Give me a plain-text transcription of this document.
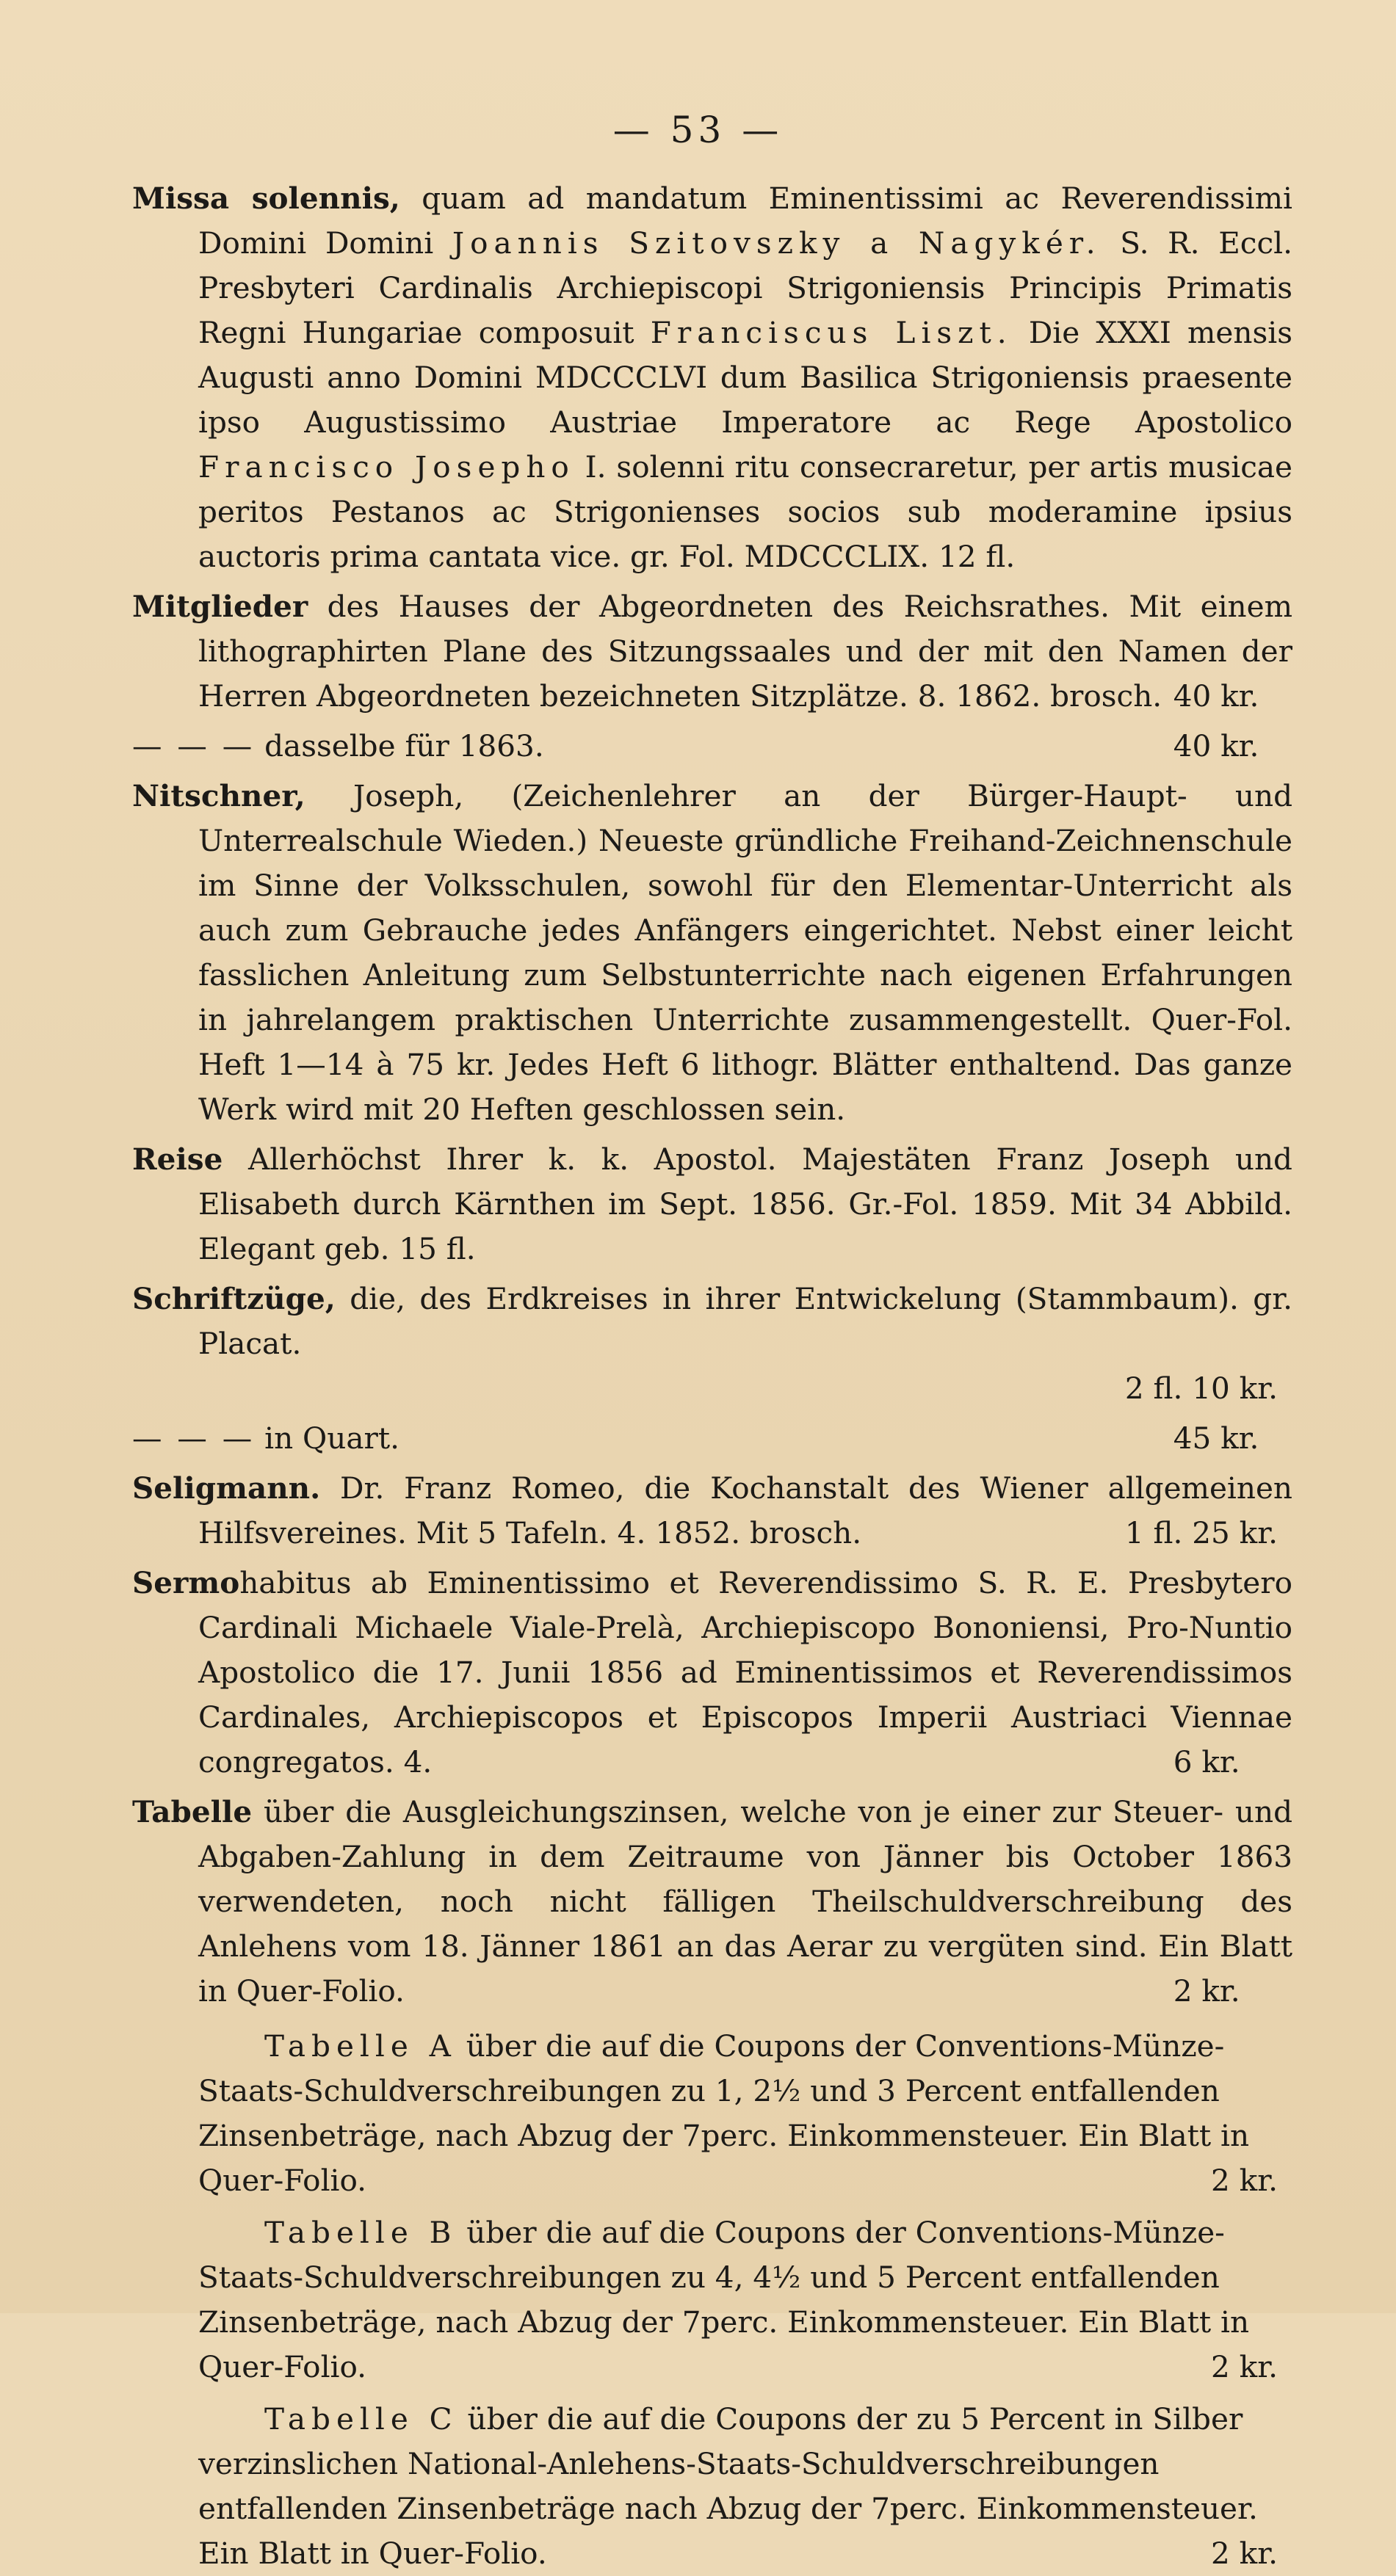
— 53 —

Missa solennis, quam ad mandatum Eminentissimi ac Reverendissimi Domini Domini Joannis Szitovszky a Nagykér. S. R. Eccl. Presbyteri Cardinalis Archiepiscopi Strigoniensis Principis Primatis Regni Hungariae composuit Franciscus Liszt. Die XXXI mensis Augusti anno Domini MDCCCLVI dum Basilica Strigoniensis praesente ipso Augustissimo Austriae Imperatore ac Rege Apostolico Francisco Josepho I. solenni ritu consecraretur, per artis musicae peritos Pestanos ac Strigonienses socios sub moderamine ipsius auctoris prima cantata vice. gr. Fol. MDCCCLIX. 12 fl.

Mitglieder des Hauses der Abgeordneten des Reichsrathes. Mit einem lithographirten Plane des Sitzungssaales und der mit den Namen der Herren Abgeordneten bezeichneten Sitzplätze. 8. 1862. brosch. 40 kr.

— — — dasselbe für 1863.	40 kr.

Nitschner, Joseph, (Zeichenlehrer an der Bürger-Haupt- und Unterrealschule Wieden.) Neueste gründliche Freihand-Zeichnenschule im Sinne der Volksschulen, sowohl für den Elementar-Unterricht als auch zum Gebrauche jedes Anfängers eingerichtet. Nebst einer leicht fasslichen Anleitung zum Selbstunterrichte nach eigenen Erfahrungen in jahrelangem praktischen Unterrichte zusammengestellt. Quer-Fol. Heft 1—14 à 75 kr. Jedes Heft 6 lithogr. Blätter enthaltend. Das ganze Werk wird mit 20 Heften geschlossen sein.

Reise Allerhöchst Ihrer k. k. Apostol. Majestäten Franz Joseph und Elisabeth durch Kärnthen im Sept. 1856. Gr.-Fol. 1859. Mit 34 Abbild. Elegant geb. 15 fl.

Schriftzüge, die, des Erdkreises in ihrer Entwickelung (Stammbaum). gr. Placat.
2 fl. 10 kr.

— — — in Quart.	45 kr.

Seligmann. Dr. Franz Romeo, die Kochanstalt des Wiener allgemeinen Hilfsvereines. Mit 5 Tafeln. 4. 1852. brosch.	1 fl. 25 kr.

Sermohabitus ab Eminentissimo et Reverendissimo S. R. E. Presbytero Cardinali Michaele Viale-Prelà, Archiepiscopo Bononiensi, Pro-Nuntio Apostolico die 17. Junii 1856 ad Eminentissimos et Reverendissimos Cardinales, Archiepiscopos et Episcopos Imperii Austriaci Viennae congregatos. 4.	6 kr.

Tabelle über die Ausgleichungszinsen, welche von je einer zur Steuer- und Abgaben-Zahlung in dem Zeitraume von Jänner bis October 1863 verwendeten, noch nicht fälligen Theilschuldverschreibung des Anlehens vom 18. Jänner 1861 an das Aerar zu vergüten sind. Ein Blatt in Quer-Folio.	2 kr.

Tabelle A über die auf die Coupons der Conventions-Münze-Staats-Schuldverschreibungen zu 1, 2½ und 3 Percent entfallenden Zinsenbeträge, nach Abzug der 7perc. Einkommensteuer. Ein Blatt in Quer-Folio.	2 kr.

Tabelle B über die auf die Coupons der Conventions-Münze-Staats-Schuldverschreibungen zu 4, 4½ und 5 Percent entfallenden Zinsenbeträge, nach Abzug der 7perc. Einkommensteuer. Ein Blatt in Quer-Folio.	2 kr.

Tabelle C über die auf die Coupons der zu 5 Percent in Silber verzinslichen National-Anlehens-Staats-Schuldverschreibungen entfallenden Zinsenbeträge nach Abzug der 7perc. Einkommensteuer. Ein Blatt in Quer-Folio.	2 kr.
